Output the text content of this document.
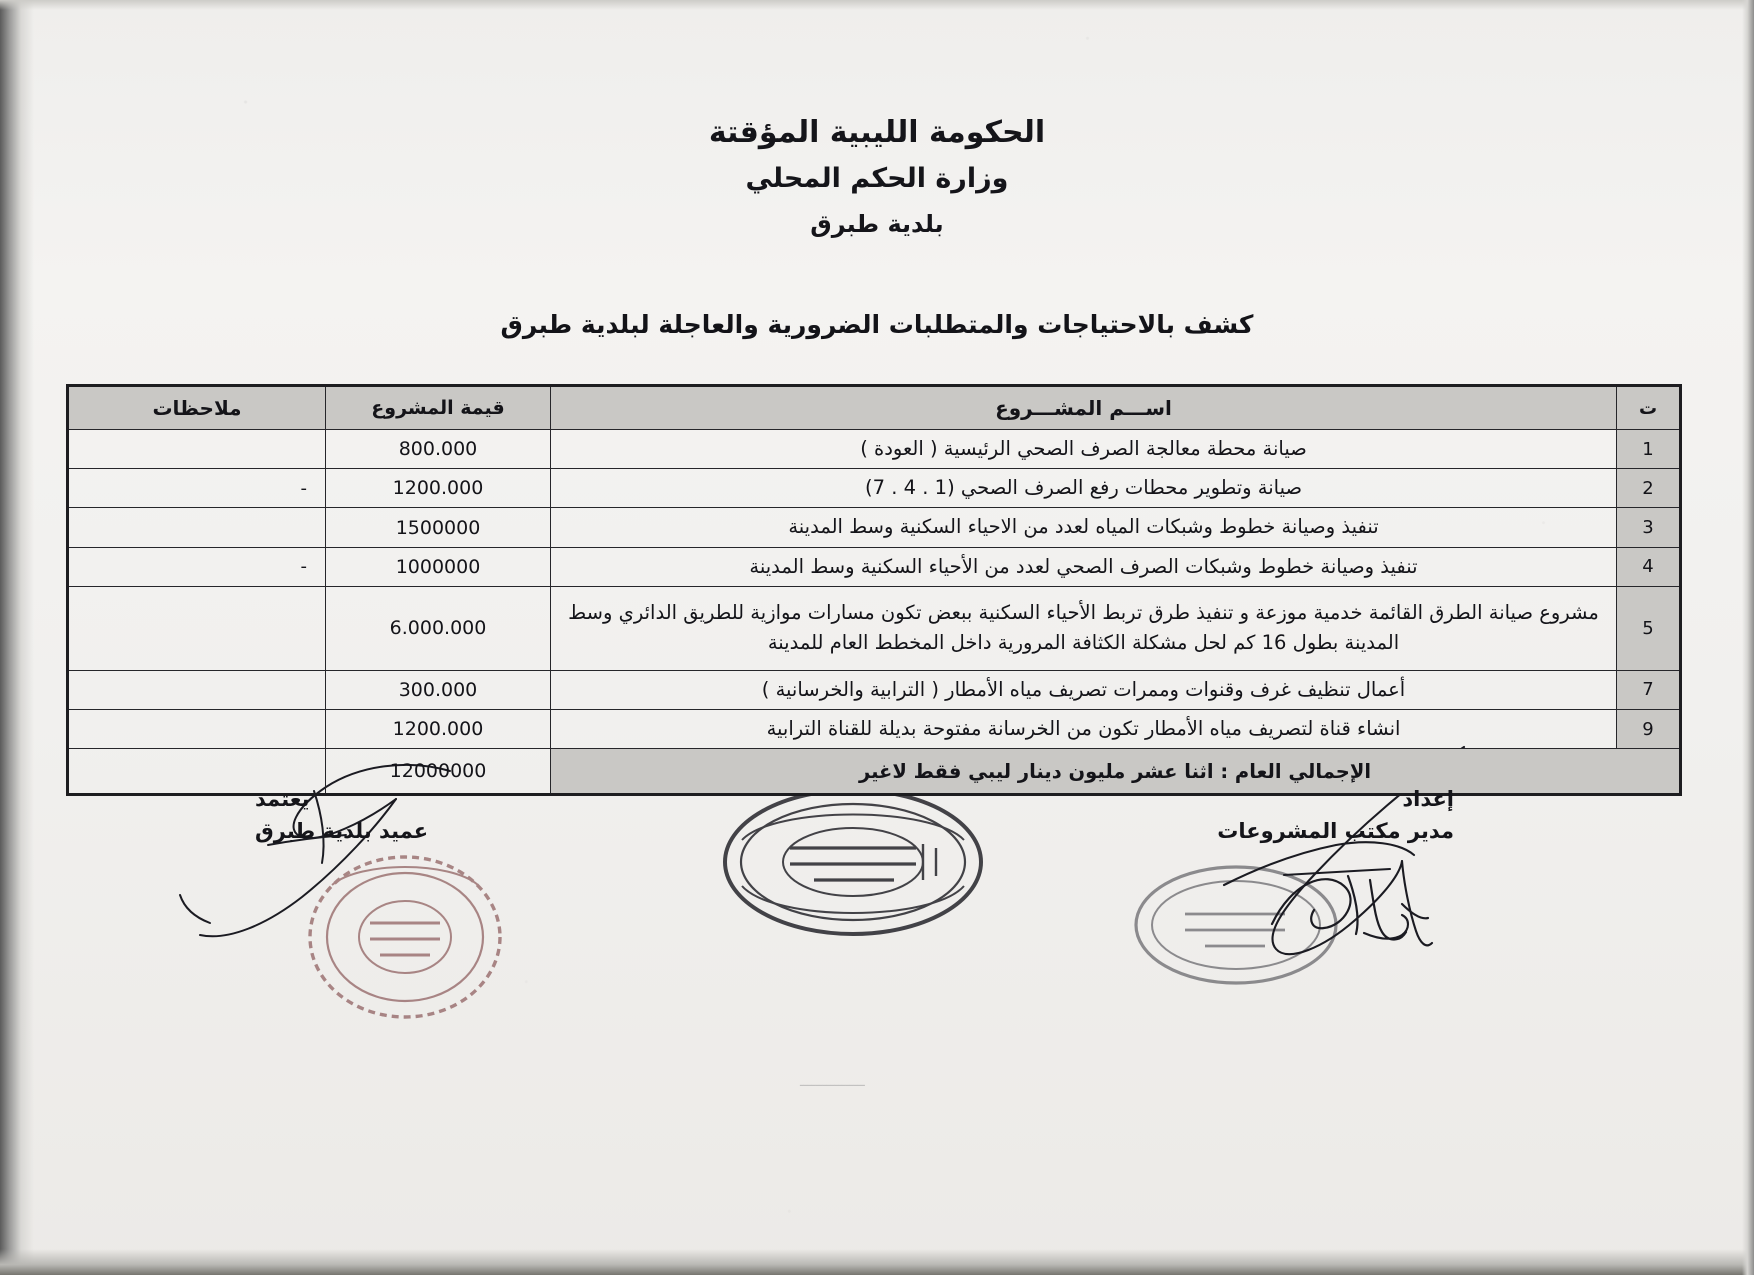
الحكومة الليبية المؤقتة
وزارة الحكم المحلي
بلدية طبرق
كشف بالاحتياجات والمتطلبات الضرورية والعاجلة لبلدية طبرق
ت	اســـم المشـــروع	قيمة المشروع	ملاحظات
1	صيانة محطة معالجة الصرف الصحي الرئيسية ( العودة )	800.000	
2	صيانة وتطوير محطات رفع الصرف الصحي (1 . 4 . 7)	1200.000	-

3	تنفيذ وصيانة خطوط وشبكات المياه لعدد من الاحياء السكنية وسط المدينة	1500000	
4	تنفيذ وصيانة خطوط وشبكات الصرف الصحي لعدد من الأحياء السكنية وسط المدينة	1000000	-

5	مشروع صيانة الطرق القائمة خدمية موزعة و تنفيذ طرق تربط الأحياء السكنية ببعض تكون مسارات موازية للطريق الدائري وسط المدينة بطول 16 كم لحل مشكلة الكثافة المرورية داخل المخطط العام للمدينة	6.000.000	
7	أعمال تنظيف غرف وقنوات وممرات تصريف مياه الأمطار ( الترابية والخرسانية )	300.000	
9	انشاء قناة لتصريف مياه الأمطار تكون من الخرسانة مفتوحة بديلة للقناة الترابية	1200.000	
الإجمالي العام : اثنا عشر مليون دينار ليبي فقط لاغير		12000000	
إعداد
مدير مكتب المشروعات
يعتمد
عميد بلدية طبرق
ـــــــــــــــــ
